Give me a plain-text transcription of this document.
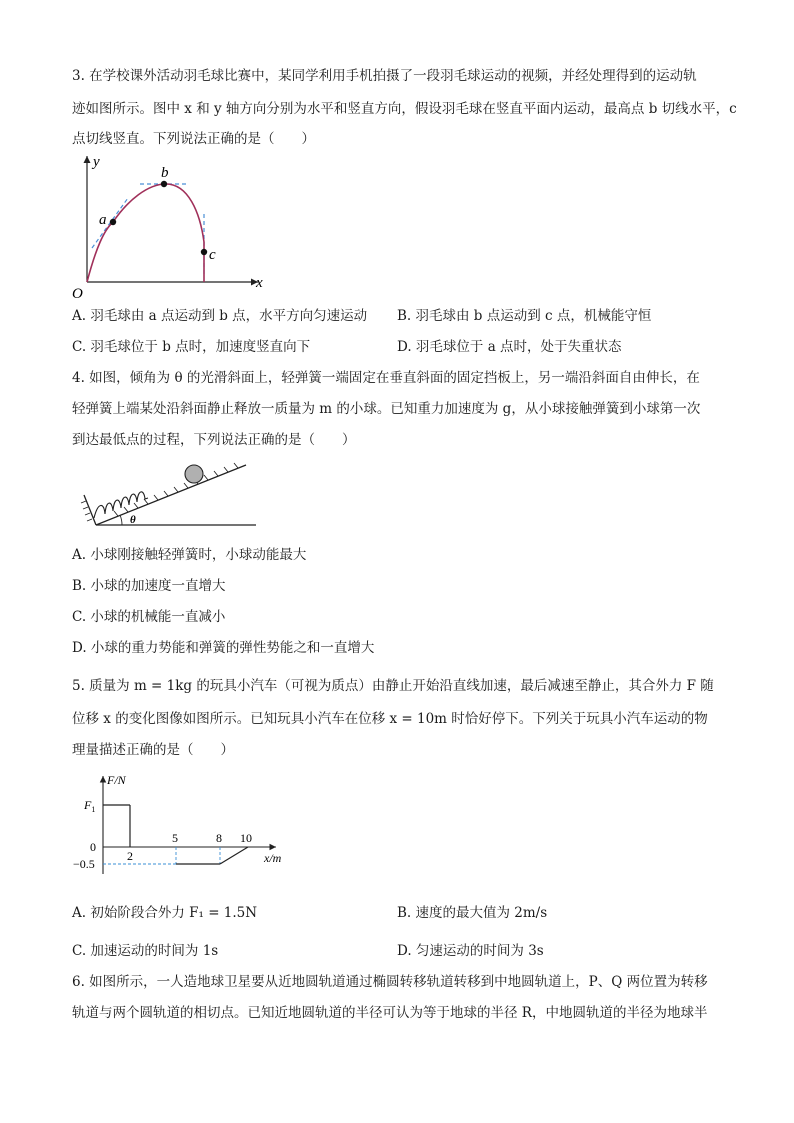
3. 在学校课外活动羽毛球比赛中，某同学利用手机拍摄了一段羽毛球运动的视频，并经处理得到的运动轨
迹如图所示。图中 x 和 y 轴方向分别为水平和竖直方向，假设羽毛球在竖直平面内运动，最高点 b 切线水平，c
点切线竖直。下列说法正确的是（　　）
y
x
O
a
b
c
A. 羽毛球由 a 点运动到 b 点，水平方向匀速运动 B. 羽毛球由 b 点运动到 c 点，机械能守恒
C. 羽毛球位于 b 点时，加速度竖直向下	D. 羽毛球位于 a 点时，处于失重状态
4. 如图，倾角为 θ 的光滑斜面上，轻弹簧一端固定在垂直斜面的固定挡板上，另一端沿斜面自由伸长，在
轻弹簧上端某处沿斜面静止释放一质量为 m 的小球。已知重力加速度为 g，从小球接触弹簧到小球第一次
到达最低点的过程，下列说法正确的是（　　）
θ
A. 小球刚接触轻弹簧时，小球动能最大
B. 小球的加速度一直增大
C. 小球的机械能一直减小
D. 小球的重力势能和弹簧的弹性势能之和一直增大
5. 质量为 m = 1kg 的玩具小汽车（可视为质点）由静止开始沿直线加速，最后减速至静止，其合外力 F 随
位移 x 的变化图像如图所示。已知玩具小汽车在位移 x = 10m 时恰好停下。下列关于玩具小汽车运动的物
理量描述正确的是（　　）
F/N
x/m
$F_1$
0
−0.5
2
5	8 10
A. 初始阶段合外力 F₁ = 1.5N	B. 速度的最大值为 2m/s
C. 加速运动的时间为 1s	D. 匀速运动的时间为 3s
6. 如图所示，一人造地球卫星要从近地圆轨道通过椭圆转移轨道转移到中地圆轨道上，P、Q 两位置为转移
轨道与两个圆轨道的相切点。已知近地圆轨道的半径可认为等于地球的半径 R，中地圆轨道的半径为地球半
